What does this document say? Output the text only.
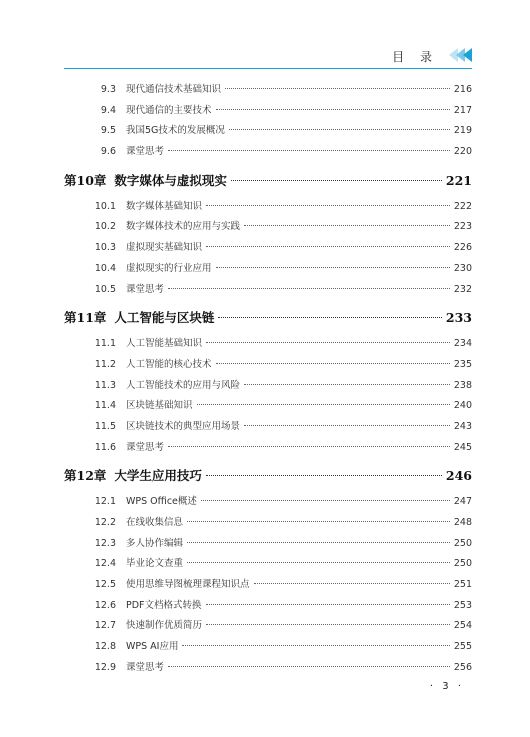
目 录
9.3	现代通信技术基础知识	216
9.4	现代通信的主要技术	217
9.5	我国5G技术的发展概况	219
9.6	课堂思考	220
第10章 数字媒体与虚拟现实	221
10.1	数字媒体基础知识	222
10.2	数字媒体技术的应用与实践	223
10.3	虚拟现实基础知识	226
10.4	虚拟现实的行业应用	230
10.5	课堂思考	232
第11章 人工智能与区块链	233
11.1	人工智能基础知识	234
11.2	人工智能的核心技术	235
11.3	人工智能技术的应用与风险	238
11.4	区块链基础知识	240
11.5	区块链技术的典型应用场景	243
11.6	课堂思考	245
第12章 大学生应用技巧	246
12.1	WPS Office概述	247
12.2	在线收集信息	248
12.3	多人协作编辑	250
12.4	毕业论文查重	250
12.5	使用思维导图梳理课程知识点	251
12.6	PDF文档格式转换	253
12.7	快速制作优质简历	254
12.8	WPS AI应用	255
12.9	课堂思考	256
· 3 ·
